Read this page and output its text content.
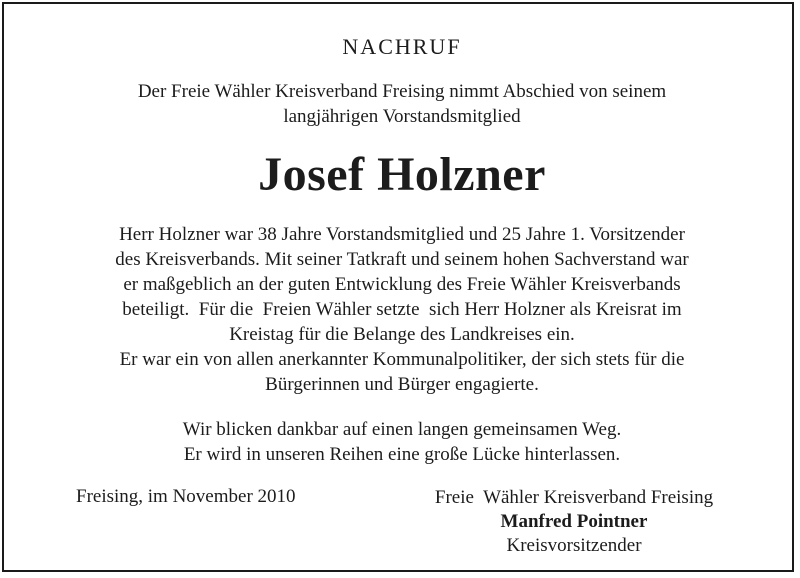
NACHRUF
Der Freie Wähler Kreisverband Freising nimmt Abschied von seinem
langjährigen Vorstandsmitglied
Josef Holzner
Herr Holzner war 38 Jahre Vorstandsmitglied und 25 Jahre 1. Vorsitzender
des Kreisverbands. Mit seiner Tatkraft und seinem hohen Sachverstand war
er maßgeblich an der guten Entwicklung des Freie Wähler Kreisverbands
beteiligt.  Für die  Freien Wähler setzte  sich Herr Holzner als Kreisrat im
Kreistag für die Belange des Landkreises ein.
Er war ein von allen anerkannter Kommunalpolitiker, der sich stets für die
Bürgerinnen und Bürger engagierte.
Wir blicken dankbar auf einen langen gemeinsamen Weg.
Er wird in unseren Reihen eine große Lücke hinterlassen.
Freising, im November 2010	Freie  Wähler Kreisverband Freising
Manfred Pointner
Kreisvorsitzender
